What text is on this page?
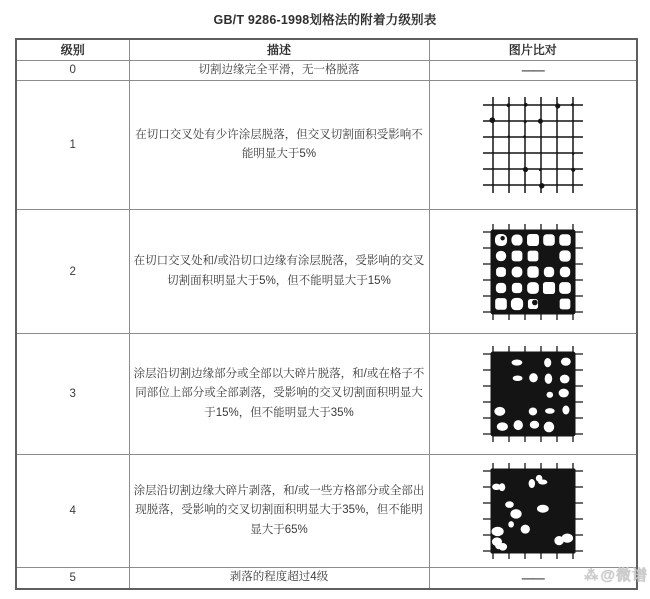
GB/T 9286-1998划格法的附着力级别表
级别	描述	图片比对
0	切割边缘完全平滑，无一格脱落	——

1	在切口交叉处有少许涂层脱落，但交叉切割面积受影响不能明显大于5%	

2	在切口交叉处和/或沿切口边缘有涂层脱落，受影响的交叉切割面积明显大于5%，但不能明显大于15%	

3	涂层沿切割边缘部分或全部以大碎片脱落，和/或在格子不同部位上部分或全部剥落，受影响的交叉切割面积明显大于15%，但不能明显大于35%	

4	涂层沿切割边缘大碎片剥落，和/或一些方格部分或全部出现脱落，受影响的交叉切割面积明显大于35%，但不能明显大于65%	

5	剥落的程度超过4级	——	⁂ @微谱
